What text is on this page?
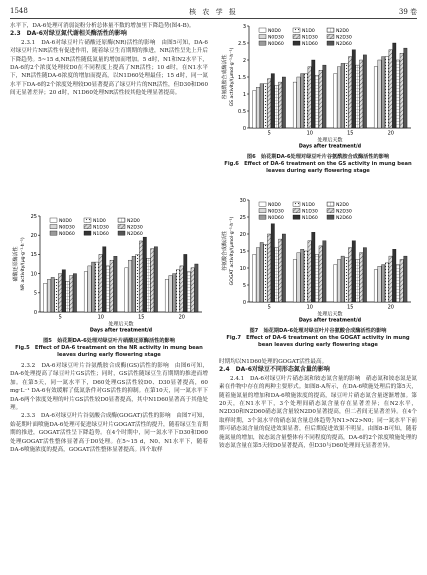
1548	核 农 学 报	39 卷

水平下，DA-6处理可消弱淀粉分析总体量不数的增加里下降趋势(图4-B)。

2.3　DA-6对绿豆氮代谢相关酶活性的影响

2.3.1　DA-6对绿豆叶片硝酸还原酶(NR)活性的影响　由图5可知，DA-6对绿豆叶片NR活性有促进作用，随着绿豆生育期期的推进，NR活性呈先上升后下降趋势。5~15 d,NR活性随低氮量的增加而增加。5 d时，N1和N2水平下，DA-6的2个浓度处理较D0在不同程度上提高了NR活性；10 d时，在N1水平下，NR活性随DA-6浓度的增加而提高，以N1D60处理最佳；15 d时，同一氮水平下DA-6的2个浓度处理较D0显著提高了绿豆叶片的NR活性，但D30和D60间无显著差异；20 d时，N1D60处理NR活性较其他处理显著提高。

0
5
10
15
20
25
硝酸还原酶活性 NR activity/(μg·g⁻¹·h⁻¹)
5	10	15	20
处理后天数
Days after treatment/d
N0D0
N0D30
N0D60
N1D0
N1D30
N1D60
N2D0
N2D30
N2D60
图5　始花期DA-6处理对绿豆叶片硝酸还原酶活性的影响
Fig.5　Effect of DA-6 treatment on the NR activity in mung bean leaves during early flowering stage

2.3.2　DA-6对绿豆叶片谷氨酰胺合成酶(GS)活性的影响　由图6可知，DA-6处理提高了绿豆叶片GS活性；同时，GS活性随绿豆生育期期的推进而增加。在第5天，同一氮水平下，D60处理GS活性较D0、D30显著提高，60 mg·L⁻¹ DA-6有效缓解了低氮条件对GS活性的抑制。在第10天，同一氮水平下DA-6两个浓度处理的叶片GS活性较D0显著提高，其中N1D60显著高于其他处理。

2.3.3　DA-6对绿豆叶片谷氨酸合成酶(GOGAT)活性的影响　由图7可知，始花期叶面喷施DA-6处理可促进绿豆叶片GOGAT活性的提升，随着绿豆生育期期的推进，GOGAT活性呈下降趋势。在4个时期中，同一氮水平下D30和D60处理GOGAT活性整体显著高于D0处理。在5~15 d，N0、N1水平下，随着DA-6喷施浓度的提高，GOGAT活性整体显著提高。四个取样

0
0.5
1
1.5
2
2.5
3
谷氨酰胺合成酶活性 GS activity/(μmol·g⁻¹·h⁻¹)
5	10	15	20
处理后天数
Days after treatment/d
N0D0
N0D30
N0D60
N1D0
N1D30
N1D60
N2D0
N2D30
N2D60
图6　始花期DA-6处理对绿豆叶片谷氨酰胺合成酶活性的影响
Fig.6　Effect of DA-6 treatment on the GS activity in mung bean leaves during early flowering stage
0
5
10
15
20
25
30
谷氨酸合成酶活性 GOGAT activity/(μmol·g⁻¹·h⁻¹)
5	10	15	20
处理后天数
Days after treatment/d
N0D0
N0D30
N0D60
N1D0
N1D30
N1D60
N2D0
N2D30
N2D60
图7　始花期DA-6处理对绿豆叶片谷氨酸合成酶活性的影响
Fig.7　Effect of DA-6 treatment on the GOGAT activity in mung bean leaves during early flowering stage

时期均以N1D60处理的GOGAT活性最高。

2.4　DA-6对绿豆不同形态氮含量的影响

2.4.1　DA-6对绿豆叶片硝态氮和铵态氮含量的影响　硝态氮和铵态氮是氮素在作物中存在的两种主要形式。如图8-A所示，在DA-6喷施处理后的第5天，随着施氮量的增加和DA-6喷施浓度的提高，绿豆叶片硝态氮含量逐渐增加。第20天，在N1水平下，3个处理间硝态氮含量存在显著差异；在N2水平，N2D30和N2D60硝态氮含量较N2D0显著提高，但二者间无显著差异。在4个取样时期，3个氮水平的硝态氮含量总体趋势为N1>N2>N0；同一氮水平下前期可硝态氮含量的促进效果显著，但后期促进效果不明显。由图8-B可知，随着施氮量的增加，铵态氮含量整体有不同程度的提高，DA-6的2个浓度喷施处理的铵态氮含量在第5天较D0显著提高，但D30与D60处理间无显著差异。
